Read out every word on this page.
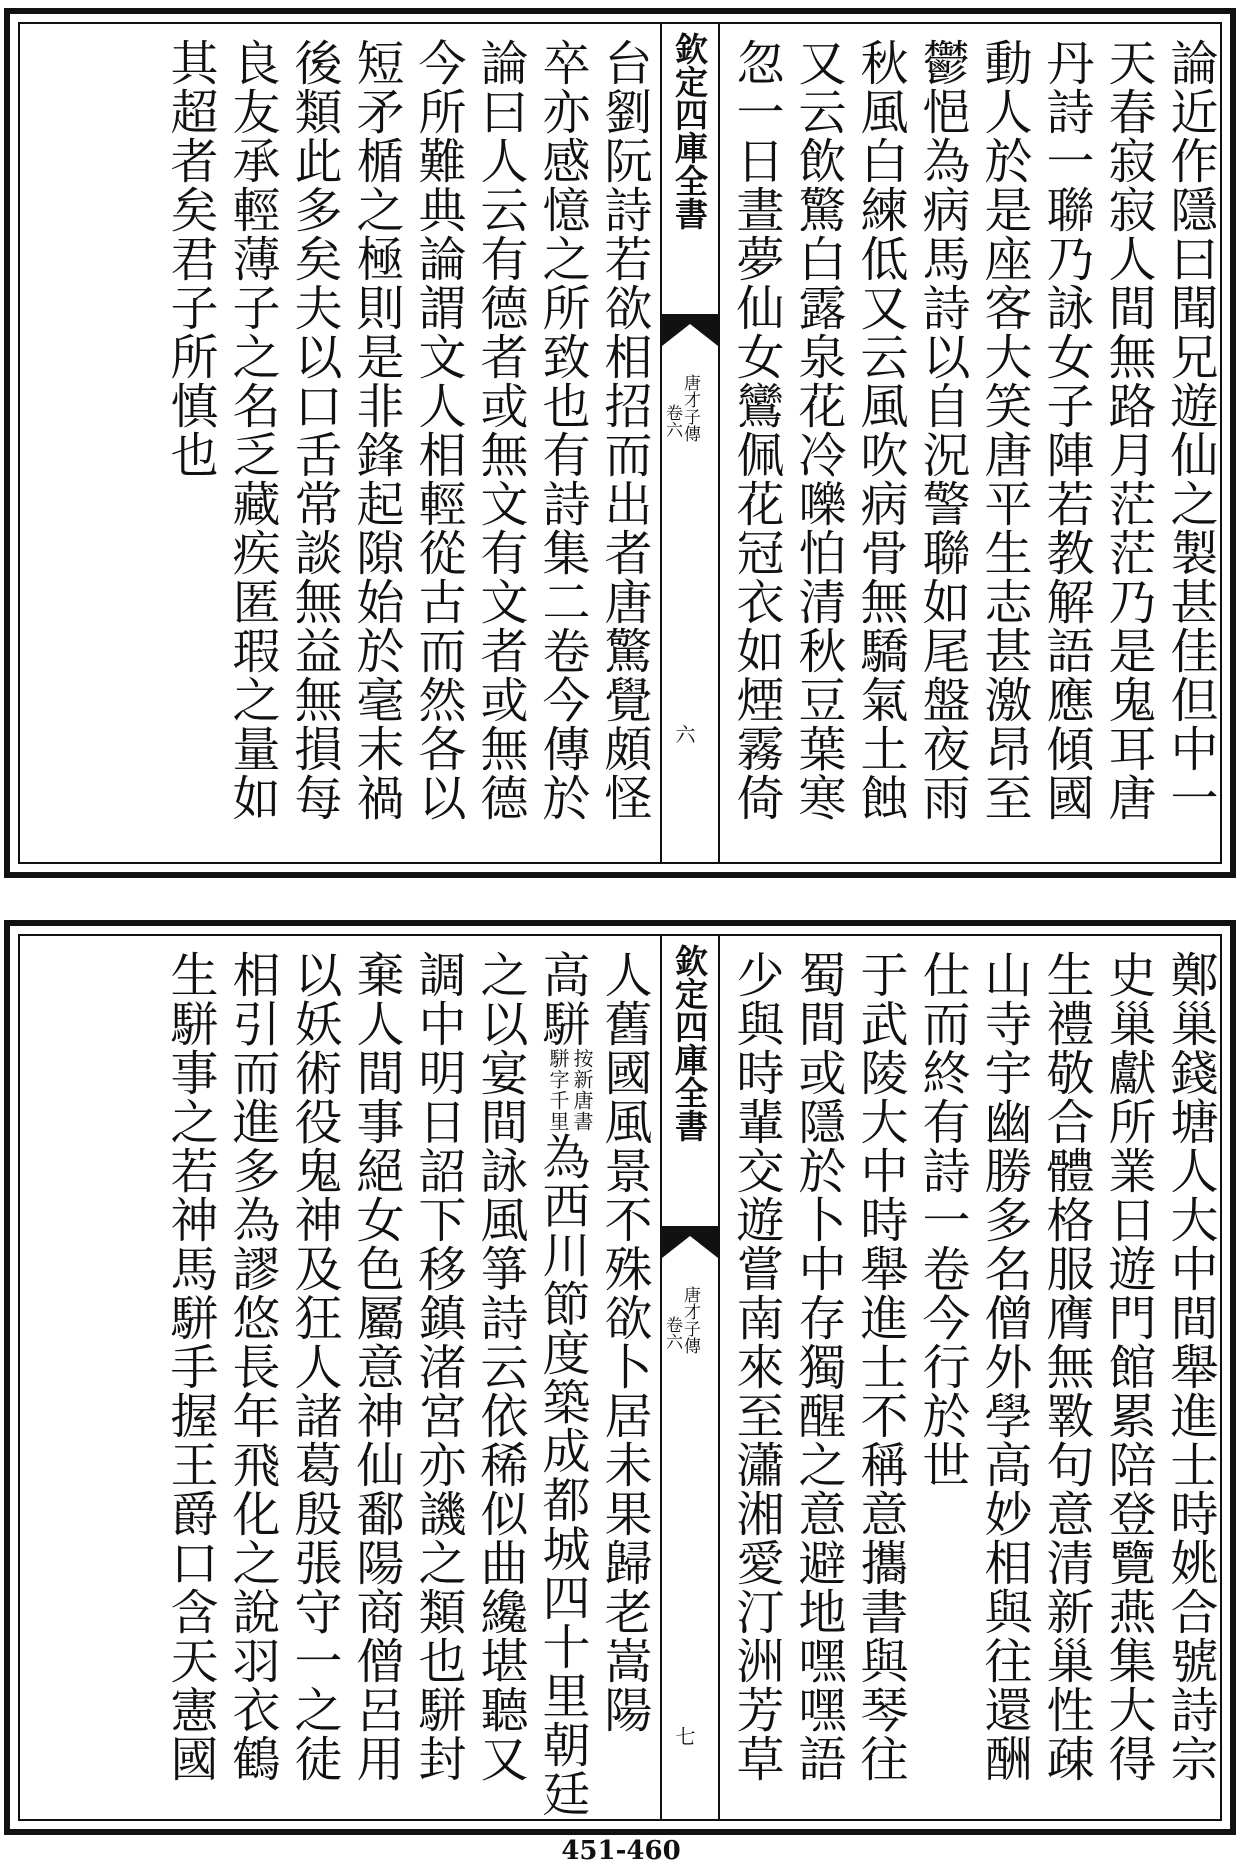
論近作隱曰聞兄遊仙之製甚佳但中一
天春寂寂人間無路月茫茫乃是鬼耳唐
丹詩一聯乃詠女子陣若教解語應傾國
動人於是座客大笑唐平生志甚激昂至
鬱悒為病馬詩以自況警聯如尾盤夜雨
秋風白練低又云風吹病骨無驕氣土蝕
又云飲驚白露泉花冷嚛怕清秋豆葉寒
忽一日晝夢仙女鸞佩花冠衣如煙霧倚
欽定四庫全書
唐才子傳
卷六
六
台劉阮詩若欲相招而出者唐驚覺頗怪
卒亦感憶之所致也有詩集二卷今傳於
論曰人云有德者或無文有文者或無德
今所難典論謂文人相輕從古而然各以
短矛楯之極則是非鋒起隙始於毫末禍
後類此多矣夫以口舌常談無益無損每
良友承輕薄子之名乏藏疾匿瑕之量如
其超者矣君子所慎也
鄭巢錢塘人大中間舉進士時姚合號詩宗
史巢獻所業日遊門館累陪登覽燕集大得
生禮敬合體格服膺無斁句意清新巢性疎
山寺宇幽勝多名僧外學高妙相與往還酬
仕而終有詩一卷今行於世
于武陵大中時舉進士不稱意攜書與琴往
蜀間或隱於卜中存獨醒之意避地嘿嘿語
少與時輩交遊嘗南來至瀟湘愛汀洲芳草
欽定四庫全書
唐才子傳
卷六
七
人舊國風景不殊欲卜居未果歸老嵩陽
高駢按新唐書
駢字千里為西川節度築成都城四十里朝廷
之以宴間詠風箏詩云依稀似曲纔堪聽又
調中明日詔下移鎮渚宮亦譏之類也駢封
棄人間事絕女色屬意神仙鄱陽商僧呂用
以妖術役鬼神及狂人諸葛殷張守一之徒
相引而進多為謬悠長年飛化之說羽衣鶴
生駢事之若神馬駢手握王爵口含天憲國
451-460
